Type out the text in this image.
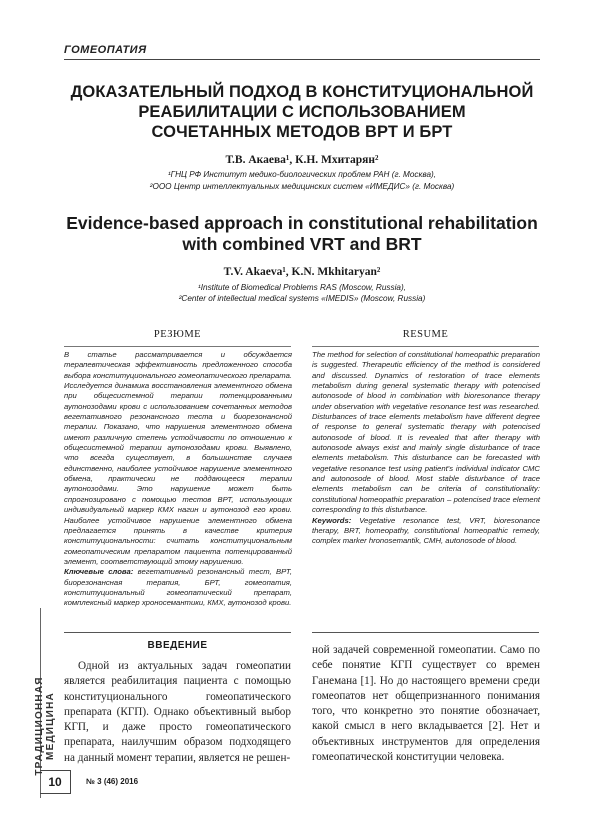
ГОМЕОПАТИЯ
ДОКАЗАТЕЛЬНЫЙ ПОДХОД В КОНСТИТУЦИОНАЛЬНОЙ
РЕАБИЛИТАЦИИ С ИСПОЛЬЗОВАНИЕМ
СОЧЕТАННЫХ МЕТОДОВ ВРТ И БРТ
Т.В. Акаева¹, К.Н. Мхитарян²
¹ГНЦ РФ Институт медико-биологических проблем РАН (г. Москва),
²ООО Центр интеллектуальных медицинских систем «ИМЕДИС» (г. Москва)
Evidence-based approach in constitutional rehabilitation
with combined VRT and BRT
T.V. Akaeva¹, K.N. Mkhitaryan²
¹Institute of Biomedical Problems RAS (Moscow, Russia),
²Center of intellectual medical systems «IMEDIS» (Moscow, Russia)
РЕЗЮМЕ
В статье рассматривается и обсуждается терапевтическая эффективность предложенного способа выбора конституционального гомеопатического препарата. Исследуется динамика восстановления элементного обмена при общесистемной терапии потенцированными аутонозодами крови с использованием сочетанных методов вегетативного резонансного теста и биорезонансной терапии. Показано, что нарушения элементного обмена имеют различную степень устойчивости по отношению к общесистемной терапии аутонозодами крови. Выявлено, что всегда существует, в большинстве случаев единственно, наиболее устойчивое нарушение элементного обмена, практически не поддающееся терапии аутонозодами. Это нарушение может быть спрогнозировано с помощью тестов ВРТ, использующих индивидуальный маркер КМХ нагин и аутонозод его крови. Наиболее устойчивое нарушение элементного обмена предлагается принять в качестве критерия конституциональности: считать конституциональным гомеопатическим препаратом пациента потенцированный элемент, соответствующий этому нарушению.
Ключевые слова: вегетативный резонансный тест, ВРТ, биорезонансная терапия, БРТ, гомеопатия, конституциональный гомеопатический препарат, комплексный маркер хроносемантики, КМХ, аутонозод крови.
RESUME
The method for selection of constitutional homeopathic preparation is suggested. Therapeutic efficiency of the method is considered and discussed. Dynamics of restoration of trace elements metabolism during general systematic therapy with potencised autonosode of blood in combination with bioresonance therapy under observation with vegetative resonance test was researched. Disturbances of trace elements metabolism have different degree of response to general systematic therapy with potencised autonosode of blood. It is revealed that after therapy with autonosode always exist and mainly single disturbance of trace elements metabolism. This disturbance can be forecasted with vegetative resonance test using patient's individual indicator CMC and autonosode of blood. Most stable disturbance of trace elements metabolism can be criteria of constitutionality: constitutional homeopathic preparation – potencised trace element corresponding to this disturbance.
Keywords: Vegetative resonance test, VRT, bioresonance therapy, BRT, homeopathy, constitutional homeopathic remedy, complex marker hronosemantik, CMH, autonosode of blood.
ВВЕДЕНИЕ
Одной из актуальных задач гомеопатии является реабилитация пациента с помощью конституционального гомеопатического препарата (КГП). Однако объективный выбор КГП, и даже просто гомеопатического препарата, наилучшим образом подходящего на данный момент терапии, является не решен-
ной задачей современной гомеопатии. Само по себе понятие КГП существует со времен Ганемана [1]. Но до настоящего времени среди гомеопатов нет общепризнанного понимания того, что конкретно это понятие обозначает, какой смысл в него вкладывается [2]. Нет и объективных инструментов для определения гомеопатической конституции человека.
ТРАДИЦИОННАЯ МЕДИЦИНА
10	№ 3 (46) 2016
